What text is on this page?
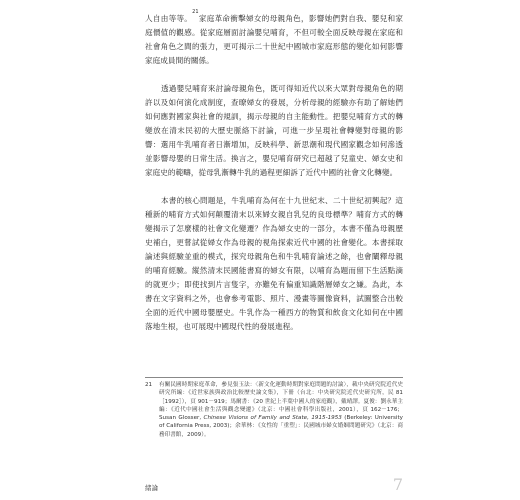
人自由等等。$^{21}$家庭革命衝擊婦女的母親角色，影響她們對自我、嬰兒和家庭價值的觀感。從家庭層面討論嬰兒哺育，不但可較全面反映母親在家庭和社會角色之間的張力，更可揭示二十世紀中國城市家庭形態的變化如何影響家庭成員間的關係。

透過嬰兒哺育來討論母親角色，既可得知近代以來大眾對母親角色的期許以及如何演化成制度，查暸婦女的發展，分析母親的經驗亦有助了解她們如何應對國家與社會的規訓，揭示母親的自主能動性。把嬰兒哺育方式的轉變放在清末民初的大歷史脈絡下討論，可進一步呈現社會轉變對母親的影響：選用牛乳哺育者日漸增加，反映科學、新思潮和現代國家觀念如何滲透並影響母嬰的日常生活。換言之，嬰兒哺育研究已超越了兒童史、婦女史和家庭史的範疇，從母乳漸轉牛乳的過程更細訴了近代中國的社會文化轉變。

本書的核心問題是，牛乳哺育為何在十九世紀末、二十世紀初興起？這種新的哺育方式如何顛覆清末以來婦女親自乳兒的良母標準？哺育方式的轉變揭示了怎麼樣的社會文化變遷？作為婦女史的一部分，本書不僅為母親歷史補白，更嘗試從婦女作為母親的視角探索近代中國的社會變化。本書採取論述與經驗並重的模式，探究母親角色和牛乳哺育論述之餘，也會闡釋母親的哺育經驗。縱然清末民國能書寫的婦女有限，以哺育為題而留下生活點滴的就更少；即使找到片言隻字，亦難免有偏重知識階層婦女之嫌。為此，本書在文字資料之外，也會參考電影、照片、漫畫等圖像資料，試圖整合出較全面的近代中國母嬰歷史。牛乳作為一種西方的物質和飲食文化如何在中國落地生根，也可展現中國現代性的發展進程。

21 有關民國時期家庭革命，參見張玉法：〈新文化運動時期對家庭問題的討論〉，載中央研究院近代史研究所編：《近世家族與政治比較歷史論文集》，下冊（台北：中央研究院近代史研究所，民 81［1992］），頁 901－919；馬爾書：《20 世紀上半葉中國人的家庭觀》，戴晴譯。夏俊：劉永華主編：《近代中國社會生活與觀念變遷》（北京：中國社會科學出版社，2001），頁 162－176；Susan Glosser, Chinese Visions of Family and State, 1915-1953 (Berkeley: University of California Press, 2003)；余華林：《女性的「重塑」：民國城市婦女婚姻問題研究》（北京：商務印書館，2009）。
緒論	7
